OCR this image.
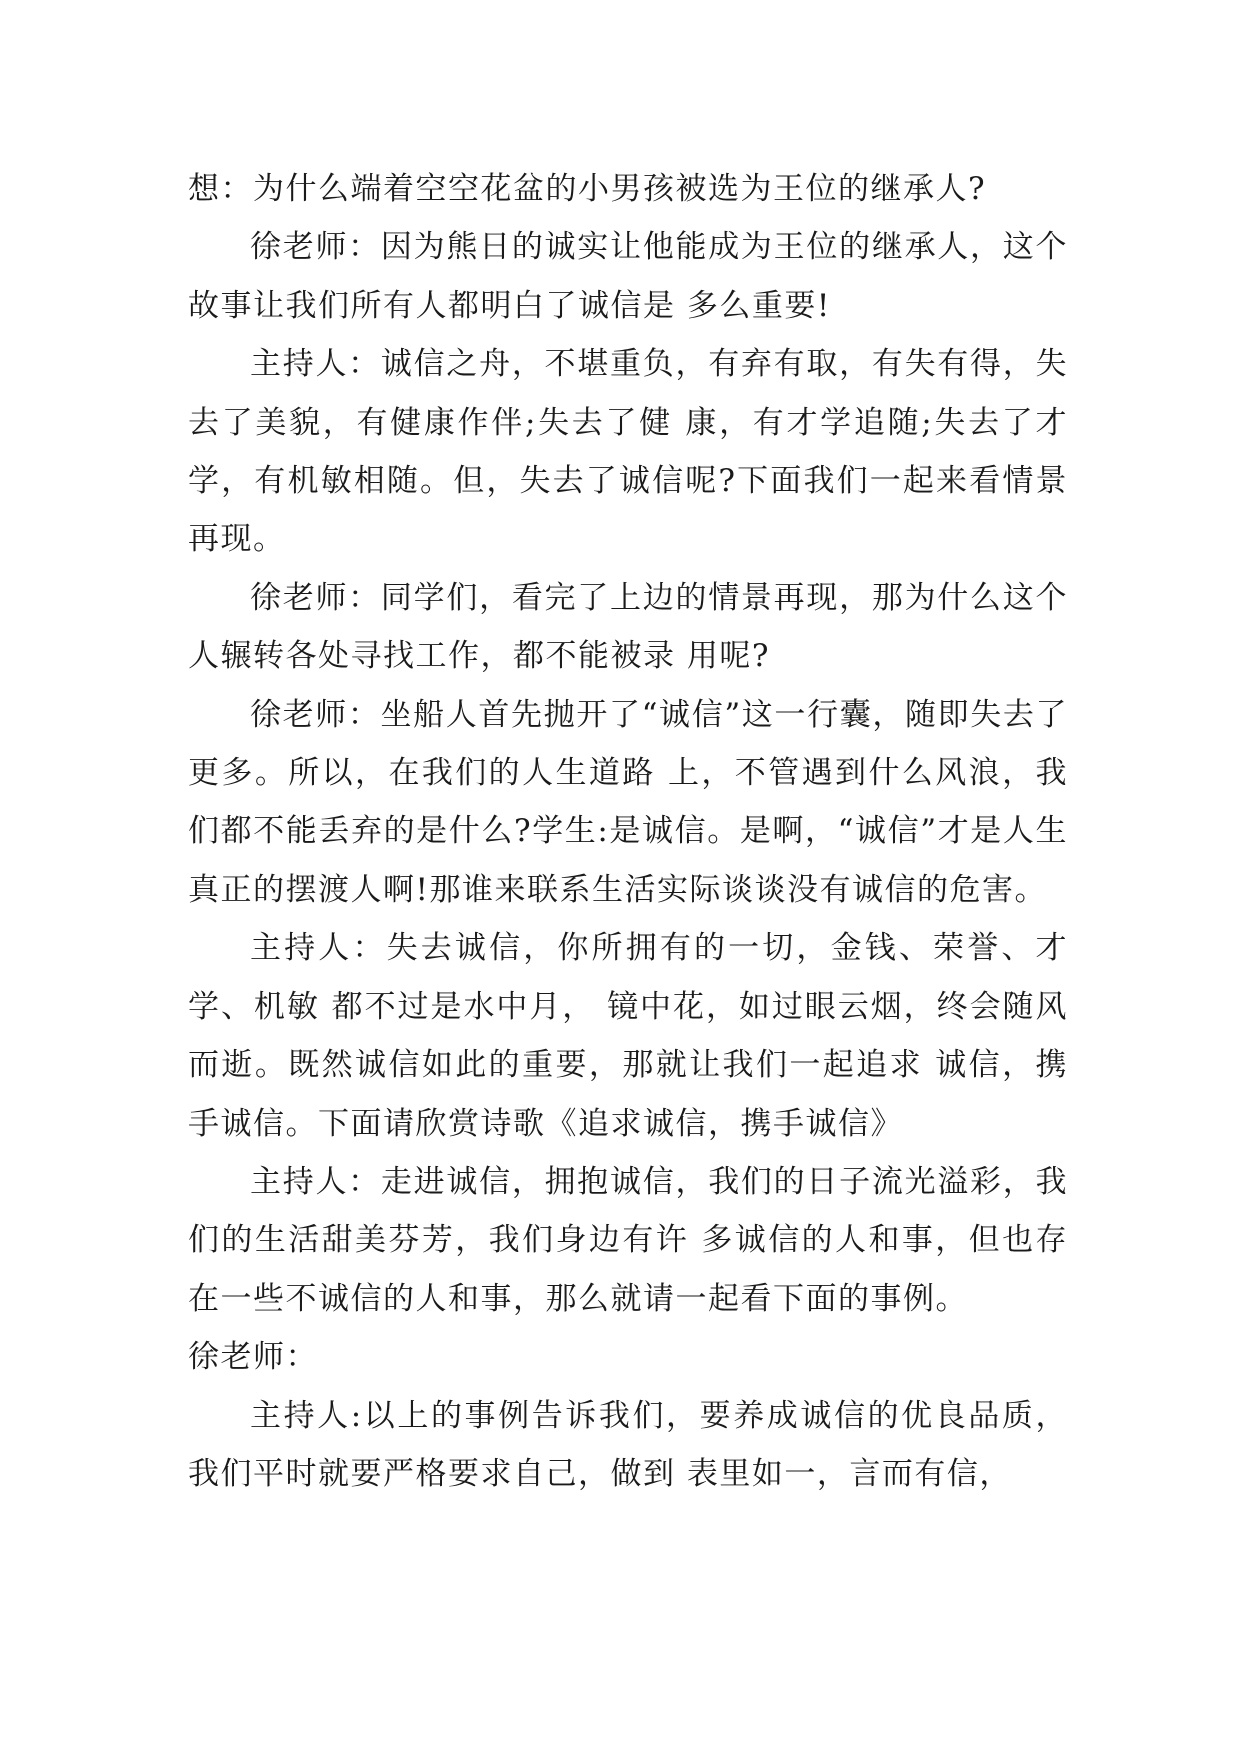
想：为什么端着空空花盆的小男孩被选为王位的继承人?

徐老师：因为熊日的诚实让他能成为王位的继承人，这个故事让我们所有人都明白了诚信是 多么重要!

主持人：诚信之舟，不堪重负，有弃有取，有失有得，失去了美貌，有健康作伴;失去了健 康，有才学追随;失去了才学，有机敏相随。但，失去了诚信呢?下面我们一起来看情景再现。

徐老师：同学们，看完了上边的情景再现，那为什么这个人辗转各处寻找工作，都不能被录 用呢?

徐老师：坐船人首先抛开了“诚信”这一行囊，随即失去了更多。所以，在我们的人生道路 上，不管遇到什么风浪，我们都不能丢弃的是什么?学生:是诚信。是啊，“诚信”才是人生真正的摆渡人啊!那谁来联系生活实际谈谈没有诚信的危害。

主持人：失去诚信，你所拥有的一切，金钱、荣誉、才学、机敏 都不过是水中月， 镜中花，如过眼云烟，终会随风而逝。既然诚信如此的重要，那就让我们一起追求 诚信，携手诚信。下面请欣赏诗歌《追求诚信，携手诚信》

主持人：走进诚信，拥抱诚信，我们的日子流光溢彩，我们的生活甜美芬芳，我们身边有许 多诚信的人和事，但也存在一些不诚信的人和事，那么就请一起看下面的事例。

徐老师：

主持人:以上的事例告诉我们，要养成诚信的优良品质，我们平时就要严格要求自己，做到 表里如一，言而有信，
